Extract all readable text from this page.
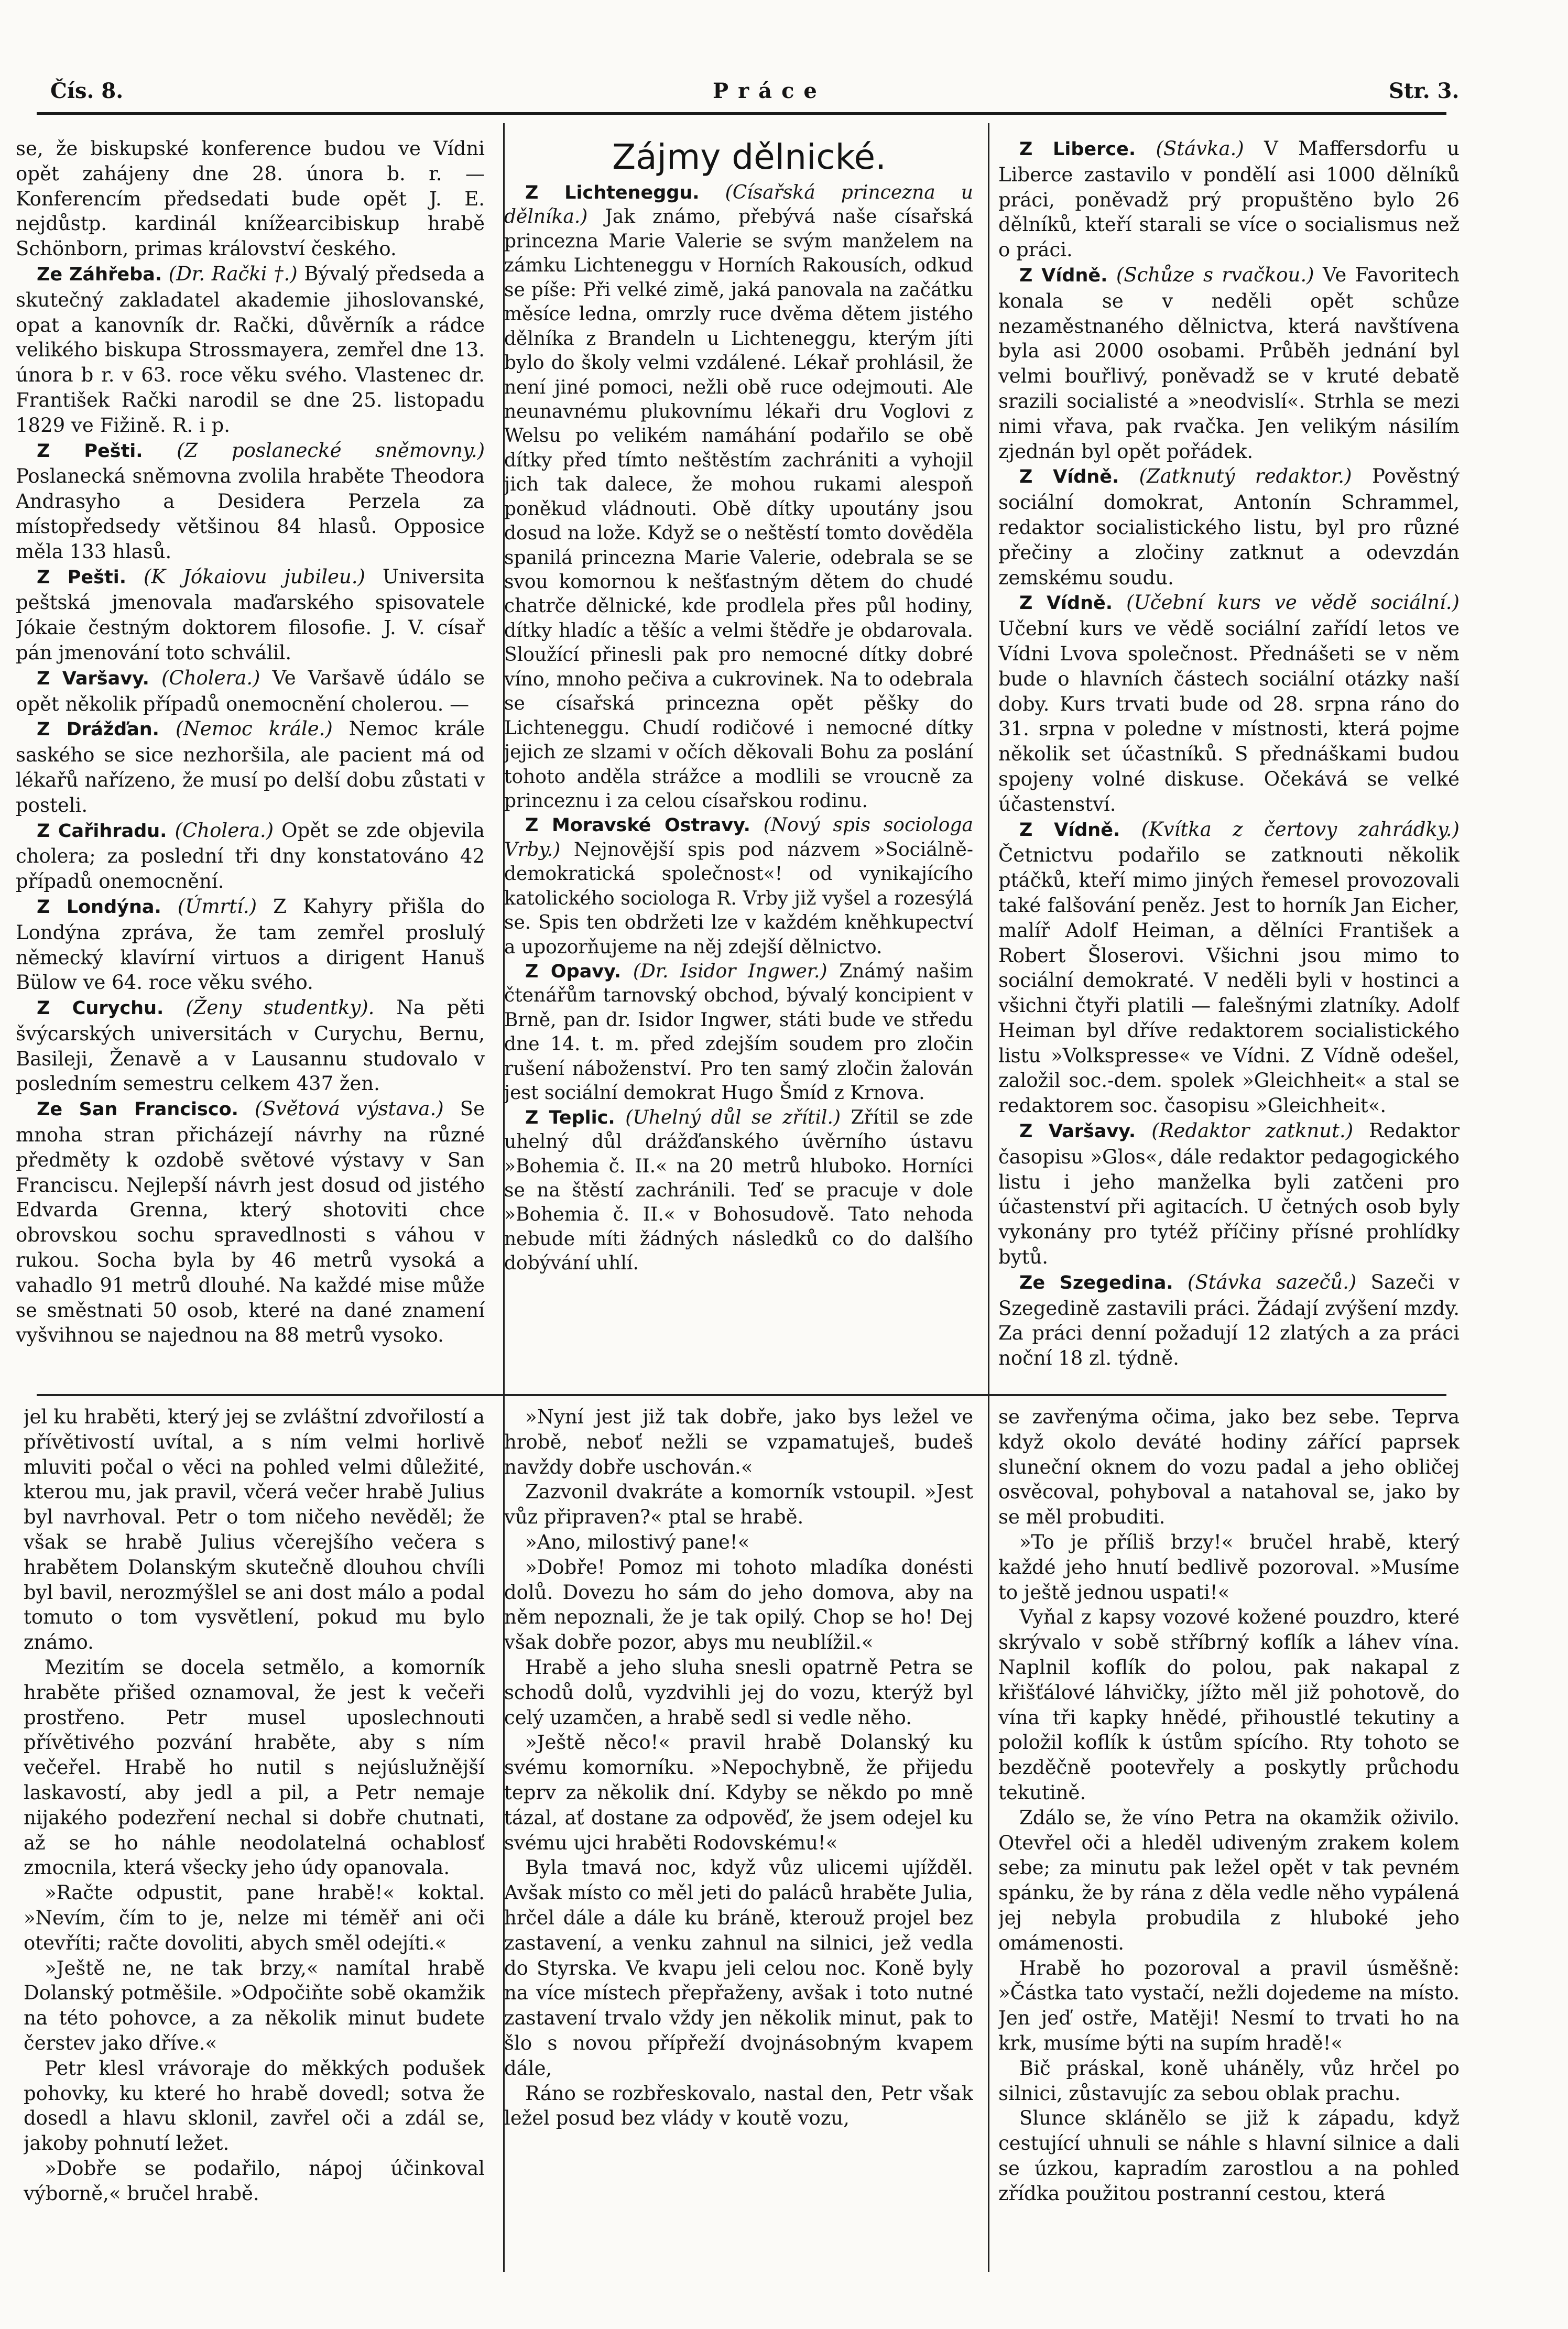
Čís. 8.	Práce	Str. 3.

se, že biskupské konference budou ve Vídni opět zahájeny dne 28. února b. r. — Konferencím předsedati bude opět J. E. nejdůstp. kardinál knížearcibiskup hrabě Schönborn, primas království českého.

Ze Záhřeba. (Dr. Rački †.) Bývalý předseda a skutečný zakladatel akademie jihoslovanské, opat a kanovník dr. Rački, důvěrník a rádce velikého biskupa Strossmayera, zemřel dne 13. února b r. v 63. roce věku svého. Vlastenec dr. František Rački narodil se dne 25. listopadu 1829 ve Fižině. R. i p.

Z Pešti. (Z poslanecké sněmovny.) Poslanecká sněmovna zvolila hraběte Theodora Andrasyho a Desidera Perzela za místopředsedy většinou 84 hlasů. Opposice měla 133 hlasů.

Z Pešti. (K Jókaiovu jubileu.) Universita peštská jmenovala maďarského spisovatele Jókaie čestným doktorem filosofie. J. V. císař pán jmenování toto schválil.

Z Varšavy. (Cholera.) Ve Varšavě údálo se opět několik případů onemocnění cholerou. —

Z Drážďan. (Nemoc krále.) Nemoc krále saského se sice nezhoršila, ale pacient má od lékařů nařízeno, že musí po delší dobu zůstati v posteli.

Z Cařihradu. (Cholera.) Opět se zde objevila cholera; za poslední tři dny konstatováno 42 případů onemocnění.

Z Londýna. (Úmrtí.) Z Kahyry přišla do Londýna zpráva, že tam zemřel proslulý německý klavírní virtuos a dirigent Hanuš Bülow ve 64. roce věku svého.

Z Curychu. (Ženy studentky). Na pěti švýcarských universitách v Curychu, Bernu, Basileji, Ženavě a v Lausannu studovalo v posledním semestru celkem 437 žen.

Ze San Francisco. (Světová výstava.) Se mnoha stran přicházejí návrhy na různé předměty k ozdobě světové výstavy v San Franciscu. Nejlepší návrh jest dosud od jistého Edvarda Grenna, který shotoviti chce obrovskou sochu spravedlnosti s váhou v rukou. Socha byla by 46 metrů vysoká a vahadlo 91 metrů dlouhé. Na každé mise může se směstnati 50 osob, které na dané znamení vyšvihnou se najednou na 88 metrů vysoko.

Zájmy dělnické.

Z Lichteneggu. (Císařská princezna u dělníka.) Jak známo, přebývá naše císařská princezna Marie Valerie se svým manželem na zámku Lichteneggu v Horních Rakousích, odkud se píše: Při velké zimě, jaká panovala na začátku měsíce ledna, omrzly ruce dvěma dětem jistého dělníka z Brandeln u Lichteneggu, kterým jíti bylo do školy velmi vzdálené. Lékař prohlásil, že není jiné pomoci, nežli obě ruce odejmouti. Ale neunavnému plukovnímu lékaři dru Voglovi z Welsu po velikém namáhání podařilo se obě dítky před tímto neštěstím zachrániti a vyhojil jich tak dalece, že mohou rukami alespoň poněkud vládnouti. Obě dítky upoutány jsou dosud na lože. Když se o neštěstí tomto dověděla spanilá princezna Marie Valerie, odebrala se se svou komornou k nešťastným dětem do chudé chatrče dělnické, kde prodlela přes půl hodiny, dítky hladíc a těšíc a velmi štědře je obdarovala. Sloužící přinesli pak pro nemocné dítky dobré víno, mnoho pečiva a cukrovinek. Na to odebrala se císařská princezna opět pěšky do Lichteneggu. Chudí rodičové i nemocné dítky jejich ze slzami v očích děkovali Bohu za poslání tohoto anděla strážce a modlili se vroucně za princeznu i za celou císařskou rodinu.

Z Moravské Ostravy. (Nový spis sociologa Vrby.) Nejnovější spis pod názvem »Sociálně-demokratická společnost«! od vynikajícího katolického sociologa R. Vrby již vyšel a rozesýlá se. Spis ten obdržeti lze v každém kněhkupectví a upozorňujeme na něj zdejší dělnictvo.

Z Opavy. (Dr. Isidor Ingwer.) Známý našim čtenářům tarnovský obchod, bývalý koncipient v Brně, pan dr. Isidor Ingwer, státi bude ve středu dne 14. t. m. před zdejším soudem pro zločin rušení náboženství. Pro ten samý zločin žalován jest sociální demokrat Hugo Šmíd z Krnova.

Z Teplic. (Uhelný důl se zřítil.) Zřítil se zde uhelný důl drážďanského úvěrního ústavu »Bohemia č. II.« na 20 metrů hluboko. Horníci se na štěstí zachránili. Teď se pracuje v dole »Bohemia č. II.« v Bohosudově. Tato nehoda nebude míti žádných následků co do dalšího dobývání uhlí.

Z Liberce. (Stávka.) V Maffersdorfu u Liberce zastavilo v pondělí asi 1000 dělníků práci, poněvadž prý propuštěno bylo 26 dělníků, kteří starali se více o socialismus než o práci.

Z Vídně. (Schůze s rvačkou.) Ve Favoritech konala se v neděli opět schůze nezaměstnaného dělnictva, která navštívena byla asi 2000 osobami. Průběh jednání byl velmi bouřlivý, poněvadž se v kruté debatě srazili socialisté a »neodvislí«. Strhla se mezi nimi vřava, pak rvačka. Jen velikým násilím zjednán byl opět pořádek.

Z Vídně. (Zatknutý redaktor.) Pověstný sociální domokrat, Antonín Schrammel, redaktor socialistického listu, byl pro různé přečiny a zločiny zatknut a odevzdán zemskému soudu.

Z Vídně. (Učební kurs ve vědě sociální.) Učební kurs ve vědě sociální zařídí letos ve Vídni Lvova společnost. Přednášeti se v něm bude o hlavních částech sociální otázky naší doby. Kurs trvati bude od 28. srpna ráno do 31. srpna v poledne v místnosti, která pojme několik set účastníků. S přednáškami budou spojeny volné diskuse. Očekává se velké účastenství.

Z Vídně. (Kvítka z čertovy zahrádky.) Četnictvu podařilo se zatknouti několik ptáčků, kteří mimo jiných řemesel provozovali také falšování peněz. Jest to horník Jan Eicher, malíř Adolf Heiman, a dělníci František a Robert Šloserovi. Všichni jsou mimo to sociální demokraté. V neděli byli v hostinci a všichni čtyři platili — falešnými zlatníky. Adolf Heiman byl dříve redaktorem socialistického listu »Volkspresse« ve Vídni. Z Vídně odešel, založil soc.-dem. spolek »Gleichheit« a stal se redaktorem soc. časopisu »Gleichheit«.

Z Varšavy. (Redaktor zatknut.) Redaktor časopisu »Glos«, dále redaktor pedagogického listu i jeho manželka byli zatčeni pro účastenství při agitacích. U četných osob byly vykonány pro tytéž příčiny přísné prohlídky bytů.

Ze Szegedina. (Stávka sazečů.) Sazeči v Szegedině zastavili práci. Žádají zvýšení mzdy. Za práci denní požadují 12 zlatých a za práci noční 18 zl. týdně.

jel ku hraběti, který jej se zvláštní zdvořilostí a přívětivostí uvítal, a s ním velmi horlivě mluviti počal o věci na pohled velmi důležité, kterou mu, jak pravil, včerá večer hrabě Julius byl navrhoval. Petr o tom ničeho nevěděl; že však se hrabě Julius včerejšího večera s hrabětem Dolanským skutečně dlouhou chvíli byl bavil, nerozmýšlel se ani dost málo a podal tomuto o tom vysvětlení, pokud mu bylo známo.

Mezitím se docela setmělo, a komorník hraběte přišed oznamoval, že jest k večeři prostřeno. Petr musel uposlechnouti přívětivého pozvání hraběte, aby s ním večeřel. Hrabě ho nutil s nejúslužnější laskavostí, aby jedl a pil, a Petr nemaje nijakého podezření nechal si dobře chutnati, až se ho náhle neodolatelná ochablosť zmocnila, která všecky jeho údy opanovala.

»Račte odpustit, pane hrabě!« koktal. »Nevím, čím to je, nelze mi téměř ani oči otevříti; račte dovoliti, abych směl odejíti.«

»Ještě ne, ne tak brzy,« namítal hrabě Dolanský potměšile. »Odpočiňte sobě okamžik na této pohovce, a za několik minut budete čerstev jako dříve.«

Petr klesl vrávoraje do měkkých podušek pohovky, ku které ho hrabě dovedl; sotva že dosedl a hlavu sklonil, zavřel oči a zdál se, jakoby pohnutí ležet.

»Dobře se podařilo, nápoj účinkoval výborně,« bručel hrabě.

»Nyní jest již tak dobře, jako bys ležel ve hrobě, neboť nežli se vzpamatuješ, budeš navždy dobře uschován.«

Zazvonil dvakráte a komorník vstoupil. »Jest vůz připraven?« ptal se hrabě.

»Ano, milostivý pane!«

»Dobře! Pomoz mi tohoto mladíka donésti dolů. Dovezu ho sám do jeho domova, aby na něm nepoznali, že je tak opilý. Chop se ho! Dej však dobře pozor, abys mu neublížil.«

Hrabě a jeho sluha snesli opatrně Petra se schodů dolů, vyzdvihli jej do vozu, kterýž byl celý uzamčen, a hrabě sedl si vedle něho.

»Ještě něco!« pravil hrabě Dolanský ku svému komorníku. »Nepochybně, že přijedu teprv za několik dní. Kdyby se někdo po mně tázal, ať dostane za odpověď, že jsem odejel ku svému ujci hraběti Rodovskému!«

Byla tmavá noc, když vůz ulicemi ujížděl. Avšak místo co měl jeti do paláců hraběte Julia, hrčel dále a dále ku bráně, kterouž projel bez zastavení, a venku zahnul na silnici, jež vedla do Styrska. Ve kvapu jeli celou noc. Koně byly na více místech přepřaženy, avšak i toto nutné zastavení trvalo vždy jen několik minut, pak to šlo s novou přípřeží dvojnásobným kvapem dále,

Ráno se rozbřeskovalo, nastal den, Petr však ležel posud bez vlády v koutě vozu,

se zavřenýma očima, jako bez sebe. Teprva když okolo deváté hodiny zářící paprsek sluneční oknem do vozu padal a jeho obličej osvěcoval, pohyboval a natahoval se, jako by se měl probuditi.

»To je příliš brzy!« bručel hrabě, který každé jeho hnutí bedlivě pozoroval. »Musíme to ještě jednou uspati!«

Vyňal z kapsy vozové kožené pouzdro, které skrývalo v sobě stříbrný koflík a láhev vína. Naplnil koflík do polou, pak nakapal z křišťálové láhvičky, jížto měl již pohotově, do vína tři kapky hnědé, přihoustlé tekutiny a položil koflík k ústům spícího. Rty tohoto se bezděčně pootevřely a poskytly průchodu tekutině.

Zdálo se, že víno Petra na okamžik oživilo. Otevřel oči a hleděl udiveným zrakem kolem sebe; za minutu pak ležel opět v tak pevném spánku, že by rána z děla vedle něho vypálená jej nebyla probudila z hluboké jeho omámenosti.

Hrabě ho pozoroval a pravil úsměšně: »Částka tato vystačí, nežli dojedeme na místo. Jen jeď ostře, Matěji! Nesmí to trvati ho na krk, musíme býti na supím hradě!«

Bič práskal, koně uháněly, vůz hrčel po silnici, zůstavujíc za sebou oblak prachu.

Slunce sklánělo se již k západu, když cestující uhnuli se náhle s hlavní silnice a dali se úzkou, kapradím zarostlou a na pohled zřídka použitou postranní cestou, která
